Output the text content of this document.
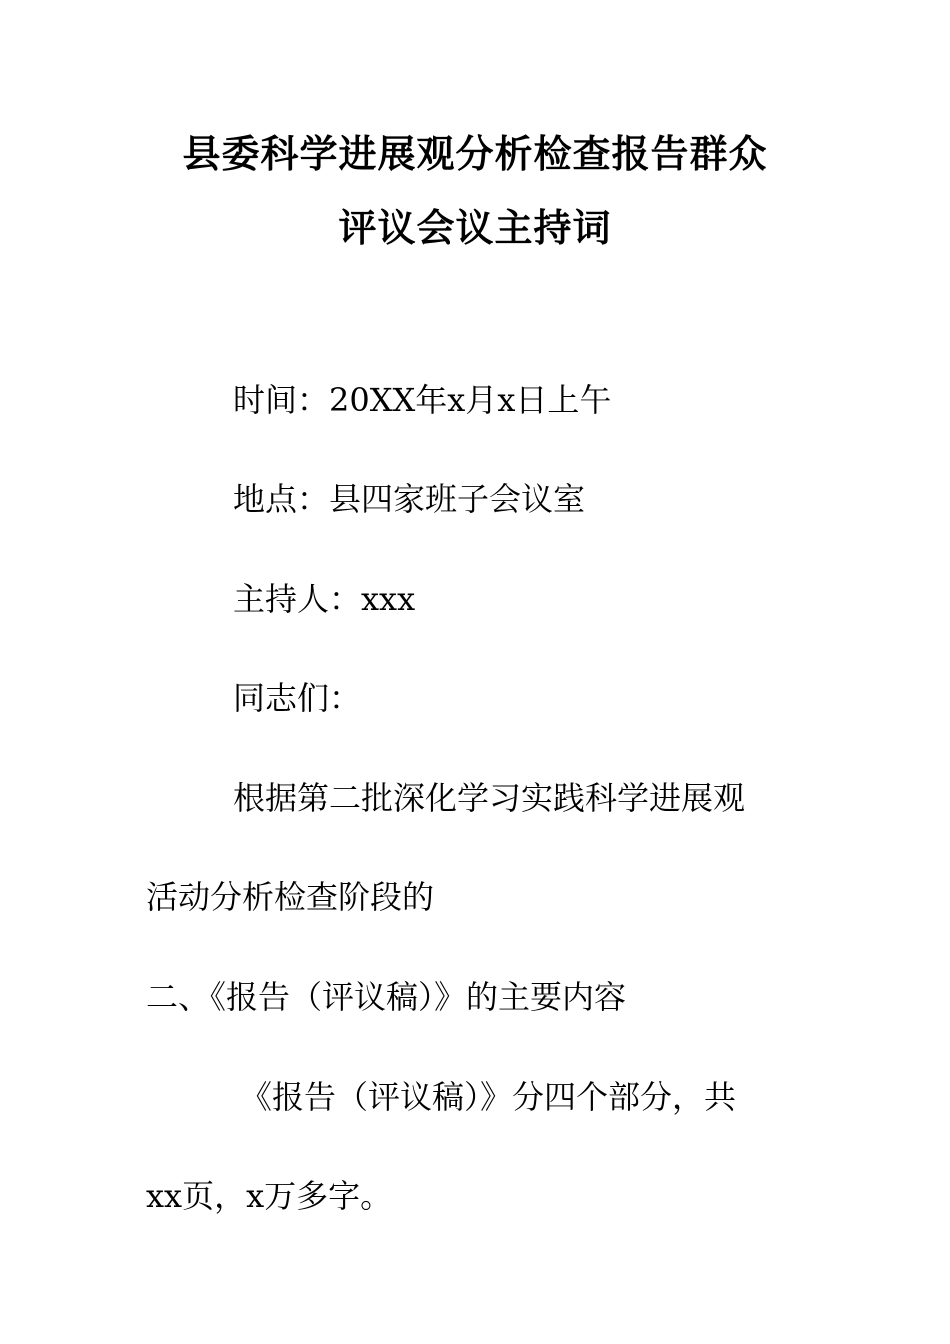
县委科学进展观分析检查报告群众
评议会议主持词
时间：20XX年x月x日上午
地点：县四家班子会议室
主持人：xxx
同志们：
根据第二批深化学习实践科学进展观
活动分析检查阶段的
二、《报告（评议稿）》的主要内容
《报告（评议稿）》分四个部分，共
xx页，x万多字。
